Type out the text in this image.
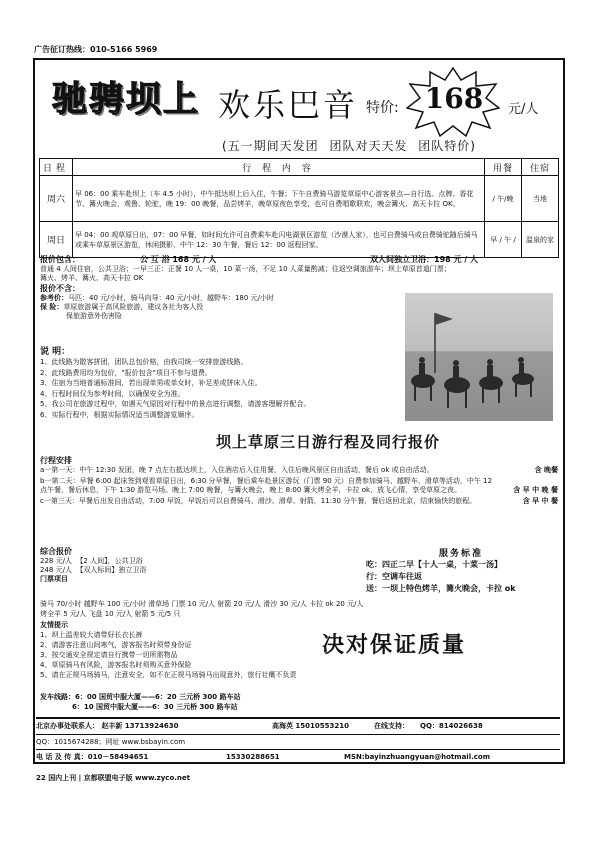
广告征订热线：010-5166 5969
驰骋坝上 欢乐巴音 特价: 168	元/人
(五一期间天发团 团队对天天发 团队特价)
日程	行 程 内 容	用餐	住宿
周六	早 06：00 乘车赴坝上（车 4.5 小时），中午抵达坝上后入住，午餐；下午自费骑马游览草原中心游客景点—自行选、点牌、香花节、篝火晚会，观鲁、轮驼，晚 19：00 晚餐，品尝烤羊，晚草原夜色享受，也可自费唱歌联欢，晚会篝火、高天卡拉 OK。	/ 午/晚	当地
周日	早 04：00 观草原日出，07：00 早餐，如时间允许可自费乘车赴闪电湖景区游览（沙漠人家），也可自费骑马或自费骑驼随后骑马或乘车草原景区游览，休闲摄影，中午 12：30 午餐，餐后 12：00 返程回家。	早 / 午 /	温泉的家
报价包含：	公 互 浴 168 元 / 人	双人间独立卫浴：198 元 / 人
普通 4 人间住宿，公共卫浴；一早三正：正餐 10 人一桌，10 菜一汤，不足 10 人菜量酌减；往返空调旅游车；坝上草原首道门票；
篝火、烤羊、篝火、高天卡拉 OK
报价不含：
参考价：马匹：40 元/小时，骑马向导：40 元/小时，越野车：180 元/小时
保 险：草原旅游属于高风险旅游，建议各社为客人投
保旅游意外伤害险
说 明：
1、此线路为散客拼团，团队总包价格，由我司统一安排旅游线路。
2、此线路费用均为包价，"报价包含"项目不参与退费。
3、住宿为当地普通标准间，若出现单男或单女时，补足差或拼床入住。
4、行程时间仅为参考时间，以确保安全为准。
5、我公司在旅游过程中，如遇天气原因对行程中的景点进行调整，请游客理解并配合。
6、实际行程中，根据实际情况适当调整游览顺序。
坝上草原三日游行程及同行报价
行程安排
a一第一天：中午 12:30 发团，晚 7 点左右抵达坝上，入住酒店后入住用餐，入住后晚风景区自由活动，餐后 ok 或自由活动。	含 晚餐
b一第二天：早餐 6:00 起床签到观看草原日出，6:30 分早餐，餐后乘车赴景区游玩（门票 90 元）自费参加骑马、越野车、滑草等活动，中午 12 点午餐，餐后休息，下午 1:30 游览马场。晚上 7:00 晚餐，与篝火晚会，晚上 8:00 篝火烤全羊，卡拉 ok，放飞心情，享受草原之夜。	含 早 中 晚 餐
c一第三天：早餐后出发自由活动，7:00 早饭，早饭后可以自费骑马、滑沙、滑草、射箭，11:30 分午餐，餐后返回北京，结束愉快的旅程。	含 早 中 餐
综合报价
228 元/人 【2 人间】，公共卫浴
248 元/人 【双人标间】独立卫浴
门票项目
骑马 70/小时 越野车 100 元/小时 滑草场 门票 10 元/人 射箭 20 元/人 滑沙 30 元/人 卡拉 ok 20 元/人
烤全羊 5 元/人 飞盘 10 元/人 射箭 5 元/5 只
友情提示
1、坝上温差较大请带好长衣长裤
2、请游客注意山间寒气，游客报名时须带身份证
3、按交通安全规定请自行携带一切所需物品
4、草原骑马有风险，游客报名时须购买意外保险
5、请在正规马场骑马，注意安全，如不在正规马场骑马出现意外，旅行社概不负责
发车线路：6：00 国贸中服大厦——6：20 三元桥 300 路车站
6：10 国贸中服大厦——6：30 三元桥 300 路车站
服务标准
吃：四正二早【十人一桌，十菜一汤】
行：空调车往返
送：一坝上特色烤羊，篝火晚会，卡拉 ok
决对保证质量
北京办事处联系人： 赵丰新 13713924630	高海英 15010553210	在线支持： QQ：814026638
QQ：1015674288；网址 www.bsbayin.com
电 话 及 传 真：010－58494651	15330288651	MSN:bayinzhuangyuan@hotmail.com
22 国内上刊 | 京都联盟电子版 www.zyco.net
